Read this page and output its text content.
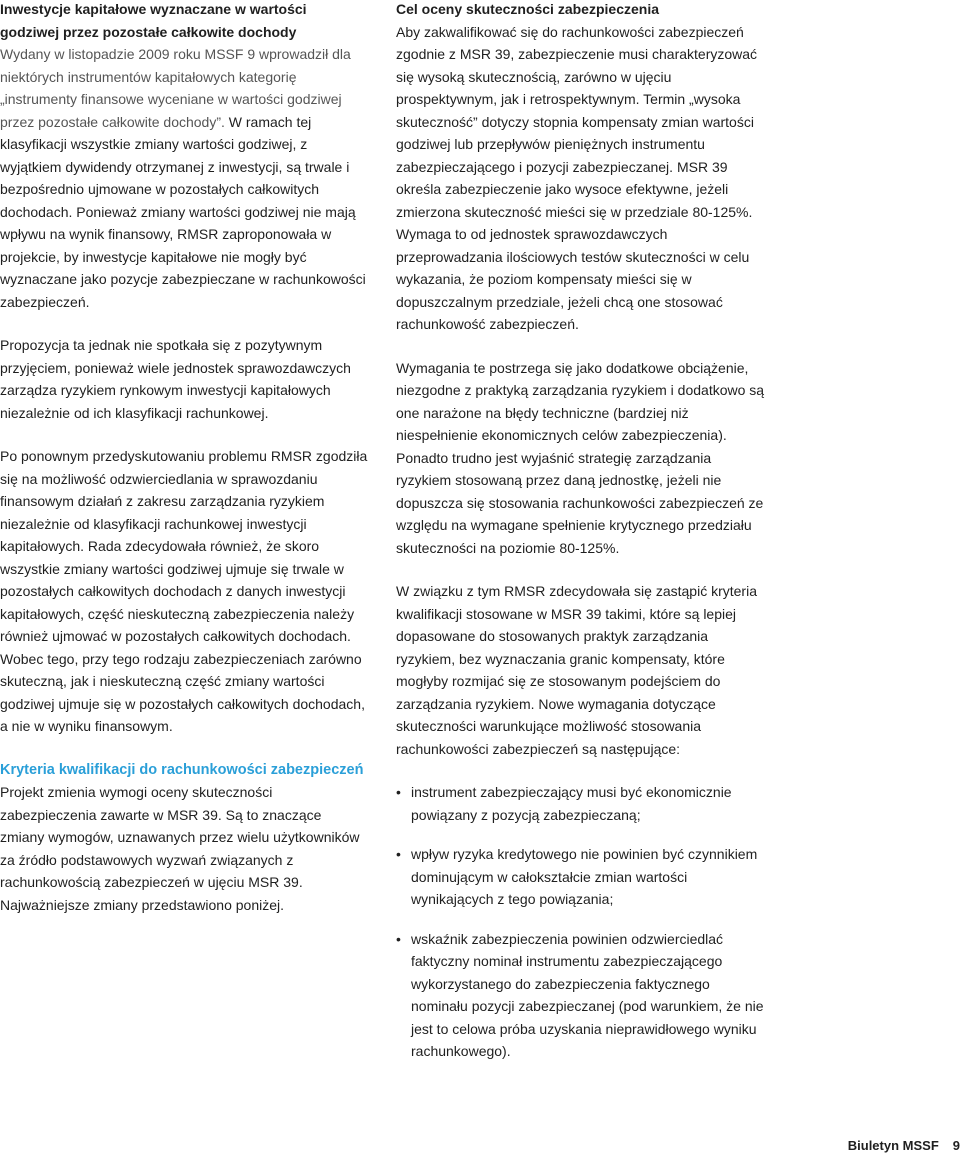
Inwestycje kapitałowe wyznaczane w wartości godziwej przez pozostałe całkowite dochody

Wydany w listopadzie 2009 roku MSSF 9 wprowadził dla niektórych instrumentów kapitałowych kategorię „instrumenty finansowe wyceniane w wartości godziwej przez pozostałe całkowite dochody”. W ramach tej klasyfikacji wszystkie zmiany wartości godziwej, z wyjątkiem dywidendy otrzymanej z inwestycji, są trwale i bezpośrednio ujmowane w pozostałych całkowitych dochodach. Ponieważ zmiany wartości godziwej nie mają wpływu na wynik finansowy, RMSR zaproponowała w projekcie, by inwestycje kapitałowe nie mogły być wyznaczane jako pozycje zabezpieczane w rachunkowości zabezpieczeń.

Propozycja ta jednak nie spotkała się z pozytywnym przyjęciem, ponieważ wiele jednostek sprawozdawczych zarządza ryzykiem rynkowym inwestycji kapitałowych niezależnie od ich klasyfikacji rachunkowej.

Po ponownym przedyskutowaniu problemu RMSR zgodziła się na możliwość odzwierciedlania w sprawozdaniu finansowym działań z zakresu zarządzania ryzykiem niezależnie od klasyfikacji rachunkowej inwestycji kapitałowych. Rada zdecydowała również, że skoro wszystkie zmiany wartości godziwej ujmuje się trwale w pozostałych całkowitych dochodach z danych inwestycji kapitałowych, część nieskuteczną zabezpieczenia należy również ujmować w pozostałych całkowitych dochodach. Wobec tego, przy tego rodzaju zabezpieczeniach zarówno skuteczną, jak i nieskuteczną część zmiany wartości godziwej ujmuje się w pozostałych całkowitych dochodach, a nie w wyniku finansowym.

Kryteria kwalifikacji do rachunkowości zabezpieczeń

Projekt zmienia wymogi oceny skuteczności zabezpieczenia zawarte w MSR 39. Są to znaczące zmiany wymogów, uznawanych przez wielu użytkowników za źródło podstawowych wyzwań związanych z rachunkowością zabezpieczeń w ujęciu MSR 39. Najważniejsze zmiany przedstawiono poniżej.

Cel oceny skuteczności zabezpieczenia

Aby zakwalifikować się do rachunkowości zabezpieczeń zgodnie z MSR 39, zabezpieczenie musi charakteryzować się wysoką skutecznością, zarówno w ujęciu prospektywnym, jak i retrospektywnym. Termin „wysoka skuteczność” dotyczy stopnia kompensaty zmian wartości godziwej lub przepływów pieniężnych instrumentu zabezpieczającego i pozycji zabezpieczanej. MSR 39 określa zabezpieczenie jako wysoce efektywne, jeżeli zmierzona skuteczność mieści się w przedziale 80-125%. Wymaga to od jednostek sprawozdawczych przeprowadzania ilościowych testów skuteczności w celu wykazania, że poziom kompensaty mieści się w dopuszczalnym przedziale, jeżeli chcą one stosować rachunkowość zabezpieczeń.

Wymagania te postrzega się jako dodatkowe obciążenie, niezgodne z praktyką zarządzania ryzykiem i dodatkowo są one narażone na błędy techniczne (bardziej niż niespełnienie ekonomicznych celów zabezpieczenia). Ponadto trudno jest wyjaśnić strategię zarządzania ryzykiem stosowaną przez daną jednostkę, jeżeli nie dopuszcza się stosowania rachunkowości zabezpieczeń ze względu na wymagane spełnienie krytycznego przedziału skuteczności na poziomie 80-125%.

W związku z tym RMSR zdecydowała się zastąpić kryteria kwalifikacji stosowane w MSR 39 takimi, które są lepiej dopasowane do stosowanych praktyk zarządzania ryzykiem, bez wyznaczania granic kompensaty, które mogłyby rozmijać się ze stosowanym podejściem do zarządzania ryzykiem. Nowe wymagania dotyczące skuteczności warunkujące możliwość stosowania rachunkowości zabezpieczeń są następujące:

• instrument zabezpieczający musi być ekonomicznie powiązany z pozycją zabezpieczaną;
• wpływ ryzyka kredytowego nie powinien być czynnikiem dominującym w całokształcie zmian wartości wynikających z tego powiązania;
• wskaźnik zabezpieczenia powinien odzwierciedlać faktyczny nominał instrumentu zabezpieczającego wykorzystanego do zabezpieczenia faktycznego nominału pozycji zabezpieczanej (pod warunkiem, że nie jest to celowa próba uzyskania nieprawidłowego wyniku rachunkowego).
Biuletyn MSSF 9
